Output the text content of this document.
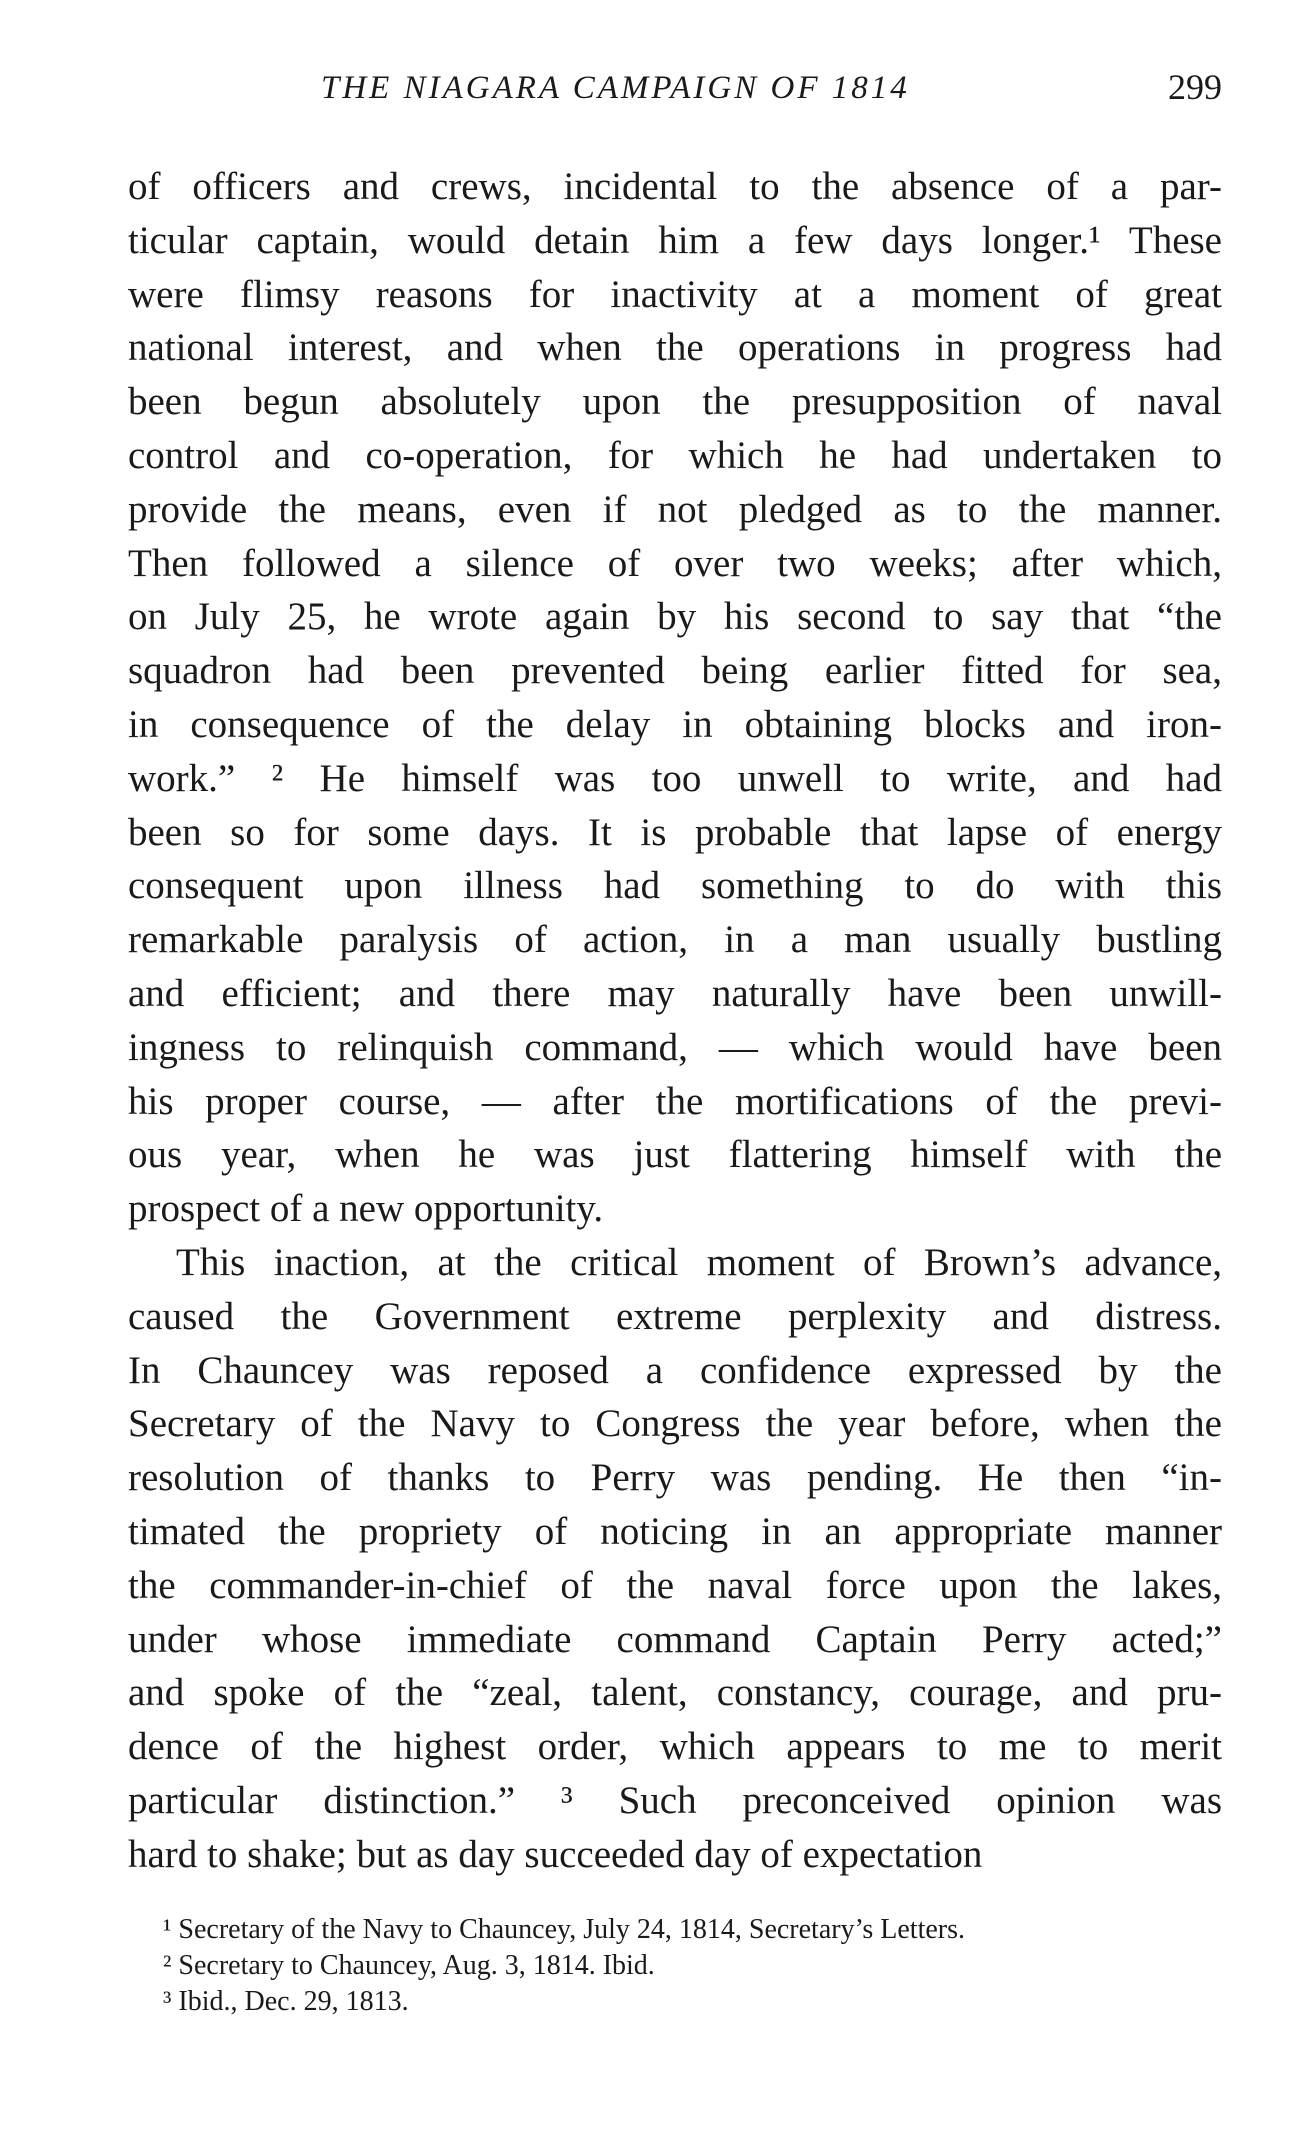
THE NIAGARA CAMPAIGN OF 1814	299

of officers and crews, incidental to the absence of a par-
ticular captain, would detain him a few days longer.¹ These
were flimsy reasons for inactivity at a moment of great
national interest, and when the operations in progress had
been begun absolutely upon the presupposition of naval
control and co-operation, for which he had undertaken to
provide the means, even if not pledged as to the manner.
Then followed a silence of over two weeks; after which,
on July 25, he wrote again by his second to say that “the
squadron had been prevented being earlier fitted for sea,
in consequence of the delay in obtaining blocks and iron-
work.” ² He himself was too unwell to write, and had
been so for some days. It is probable that lapse of energy
consequent upon illness had something to do with this
remarkable paralysis of action, in a man usually bustling
and efficient; and there may naturally have been unwill-
ingness to relinquish command, — which would have been
his proper course, — after the mortifications of the previ-
ous year, when he was just flattering himself with the
prospect of a new opportunity.

This inaction, at the critical moment of Brown’s advance,
caused the Government extreme perplexity and distress.
In Chauncey was reposed a confidence expressed by the
Secretary of the Navy to Congress the year before, when the
resolution of thanks to Perry was pending. He then “in-
timated the propriety of noticing in an appropriate manner
the commander-in-chief of the naval force upon the lakes,
under whose immediate command Captain Perry acted;”
and spoke of the “zeal, talent, constancy, courage, and pru-
dence of the highest order, which appears to me to merit
particular distinction.” ³ Such preconceived opinion was
hard to shake; but as day succeeded day of expectation

¹ Secretary of the Navy to Chauncey, July 24, 1814, Secretary’s Letters.
² Secretary to Chauncey, Aug. 3, 1814. Ibid.
³ Ibid., Dec. 29, 1813.
